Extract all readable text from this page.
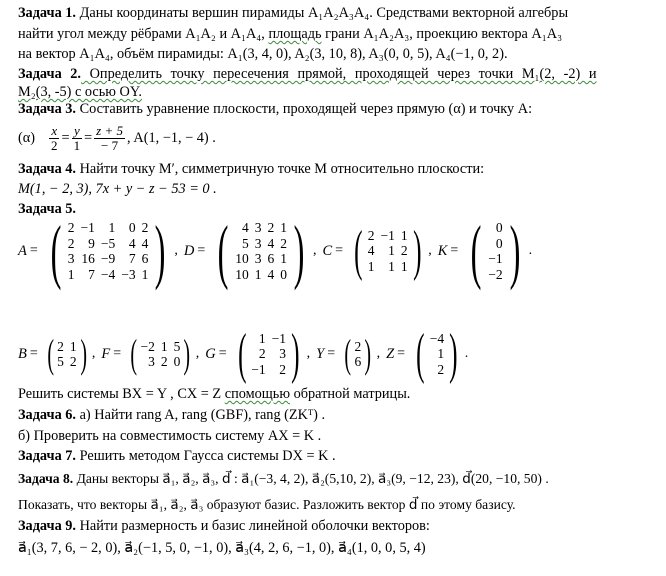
Задача 1. Даны координаты вершин пирамиды A₁A₂A₃A₄. Средствами векторной алгебры
найти угол между рёбрами A₁A₂ и A₁A₄, площадь грани A₁A₂A₃, проекцию вектора A₁A₃
на вектор A₁A₄, объём пирамиды: A₁(3, 4, 0), A₂(3, 10, 8), A₃(0, 0, 5), A₄(−1, 0, 2).
Задача 2. Определить точку пересечения прямой, проходящей через точки M₁(2, -2) и
M₂(3, -5) с осью OY.
Задача 3. Составить уравнение плоскости, проходящей через прямую (α) и точку А:
$(\alpha) \frac{x}{2} = \frac{y}{1} = \frac{z + 5}{- 7}$ , A(1, −1, − 4) .
Задача 4. Найти точку M′, симметричную точке M относительно плоскости:
M(1, − 2, 3), 7x + y − z − 53 = 0 .
Задача 5.
A = ( 2 −1	1	0 2
2	9 −5	4 4
3 16 −9	7 6
1	7 −4 −3 1 ) , D = ( 4 3 2 1
5 3 4 2
10 3 6 1
10 1 4 0 ) , C = ( 2 −1 1
4	1 2
1	1 1 ) , K = (	0
0
−1
−2 ) .
B = ( 2 1
5 2 ) , F = ( −2 1 5
3 2 0 ) , G = ( 1 −1
2	3
−1	2 ) , Y = ( 2
6 ) , Z = ( −4
1
2 ) .
Решить системы BX = Y , CX = Z спомощью обратной матрицы.
Задача 6. а) Найти rang A, rang (GBF), rang (ZKᵀ) .
б) Проверить на совместимость систему AX = K .
Задача 7. Решить методом Гаусса системы DX = K .
Задача 8. Даны векторы a⃗₁, a⃗₂, a⃗₃, d⃗ : a⃗₁(−3, 4, 2), a⃗₂(5,10, 2), a⃗₃(9, −12, 23), d⃗(20, −10, 50) .
Показать, что векторы a⃗₁, a⃗₂, a⃗₃ образуют базис. Разложить вектор d⃗ по этому базису.
Задача 9. Найти размерность и базис линейной оболочки векторов:
a⃗₁(3, 7, 6, − 2, 0), a⃗₂(−1, 5, 0, −1, 0), a⃗₃(4, 2, 6, −1, 0), a⃗₄(1, 0, 0, 5, 4)
